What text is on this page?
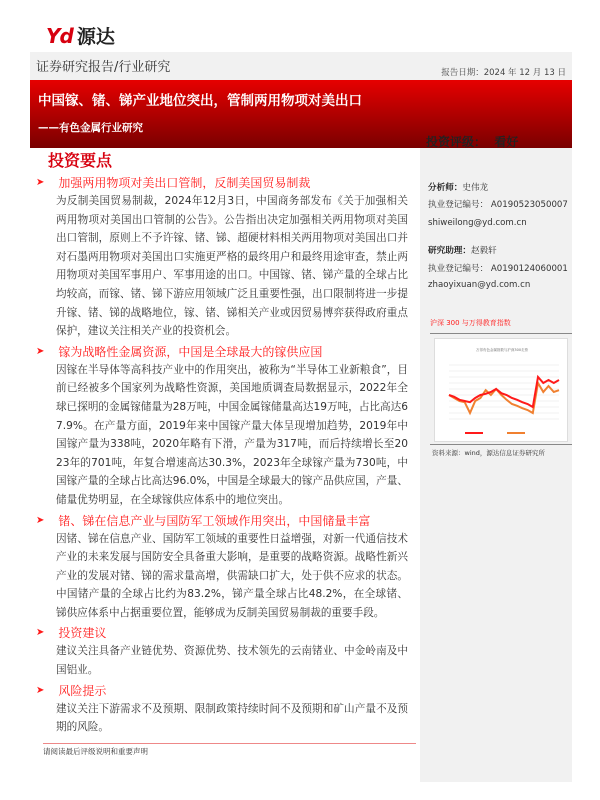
Yd 源达
证券研究报告/行业研究	报告日期：2024 年 12 月 13 日
中国镓、锗、锑产业地位突出，管制两用物项对美出口
——有色金属行业研究
投资要点
➤ 加强两用物项对美出口管制，反制美国贸易制裁
为反制美国贸易制裁，2024年12月3日，中国商务部发布《关于加强相关两用物项对美国出口管制的公告》。公告指出决定加强相关两用物项对美国出口管制，原则上不予许镓、锗、锑、超硬材料相关两用物项对美国出口并对石墨两用物项对美国出口实施更严格的最终用户和最终用途审查，禁止两用物项对美国军事用户、军事用途的出口。中国镓、锗、锑产量的全球占比均较高，而镓、锗、锑下游应用领域广泛且重要性强，出口限制将进一步提升镓、锗、锑的战略地位，镓、锗、锑相关产业或因贸易博弈获得政府重点保护，建议关注相关产业的投资机会。
➤ 镓为战略性金属资源，中国是全球最大的镓供应国
因镓在半导体等高科技产业中的作用突出，被称为“半导体工业新粮食”，目前已经被多个国家列为战略性资源，美国地质调查局数据显示，2022年全球已探明的金属镓储量为28万吨，中国金属镓储量高达19万吨，占比高达67.9%。在产量方面，2019年来中国镓产量大体呈现增加趋势，2019年中国镓产量为338吨，2020年略有下滑，产量为317吨，而后持续增长至2023年的701吨，年复合增速高达30.3%，2023年全球镓产量为730吨，中国镓产量的全球占比高达96.0%，中国是全球最大的镓产品供应国，产量、储量优势明显，在全球镓供应体系中的地位突出。
➤ 锗、锑在信息产业与国防军工领域作用突出，中国储量丰富
因锗、锑在信息产业、国防军工领域的重要性日益增强，对新一代通信技术产业的未来发展与国防安全具备重大影响，是重要的战略资源。战略性新兴产业的发展对锗、锑的需求量高增，供需缺口扩大，处于供不应求的状态。中国锗产量的全球占比约为83.2%，锑产量全球占比48.2%，在全球锗、锑供应体系中占据重要位置，能够成为反制美国贸易制裁的重要手段。
➤ 投资建议
建议关注具备产业链优势、资源优势、技术领先的云南锗业、中金岭南及中国铝业。
➤ 风险提示
建议关注下游需求不及预期、限制政策持续时间不及预期和矿山产量不及预期的风险。
请阅读最后评级说明和重要声明
投资评级： 看好
分析师：史伟龙
执业登记编号： A0190523050007
shiweilong@yd.com.cn
研究助理：赵毅轩
执业登记编号： A0190124060001
zhaoyixuan@yd.com.cn
沪深 300 与万得教育指数
万得有色金属指数与沪深300走势
资料来源：wind，源达信息证券研究所
